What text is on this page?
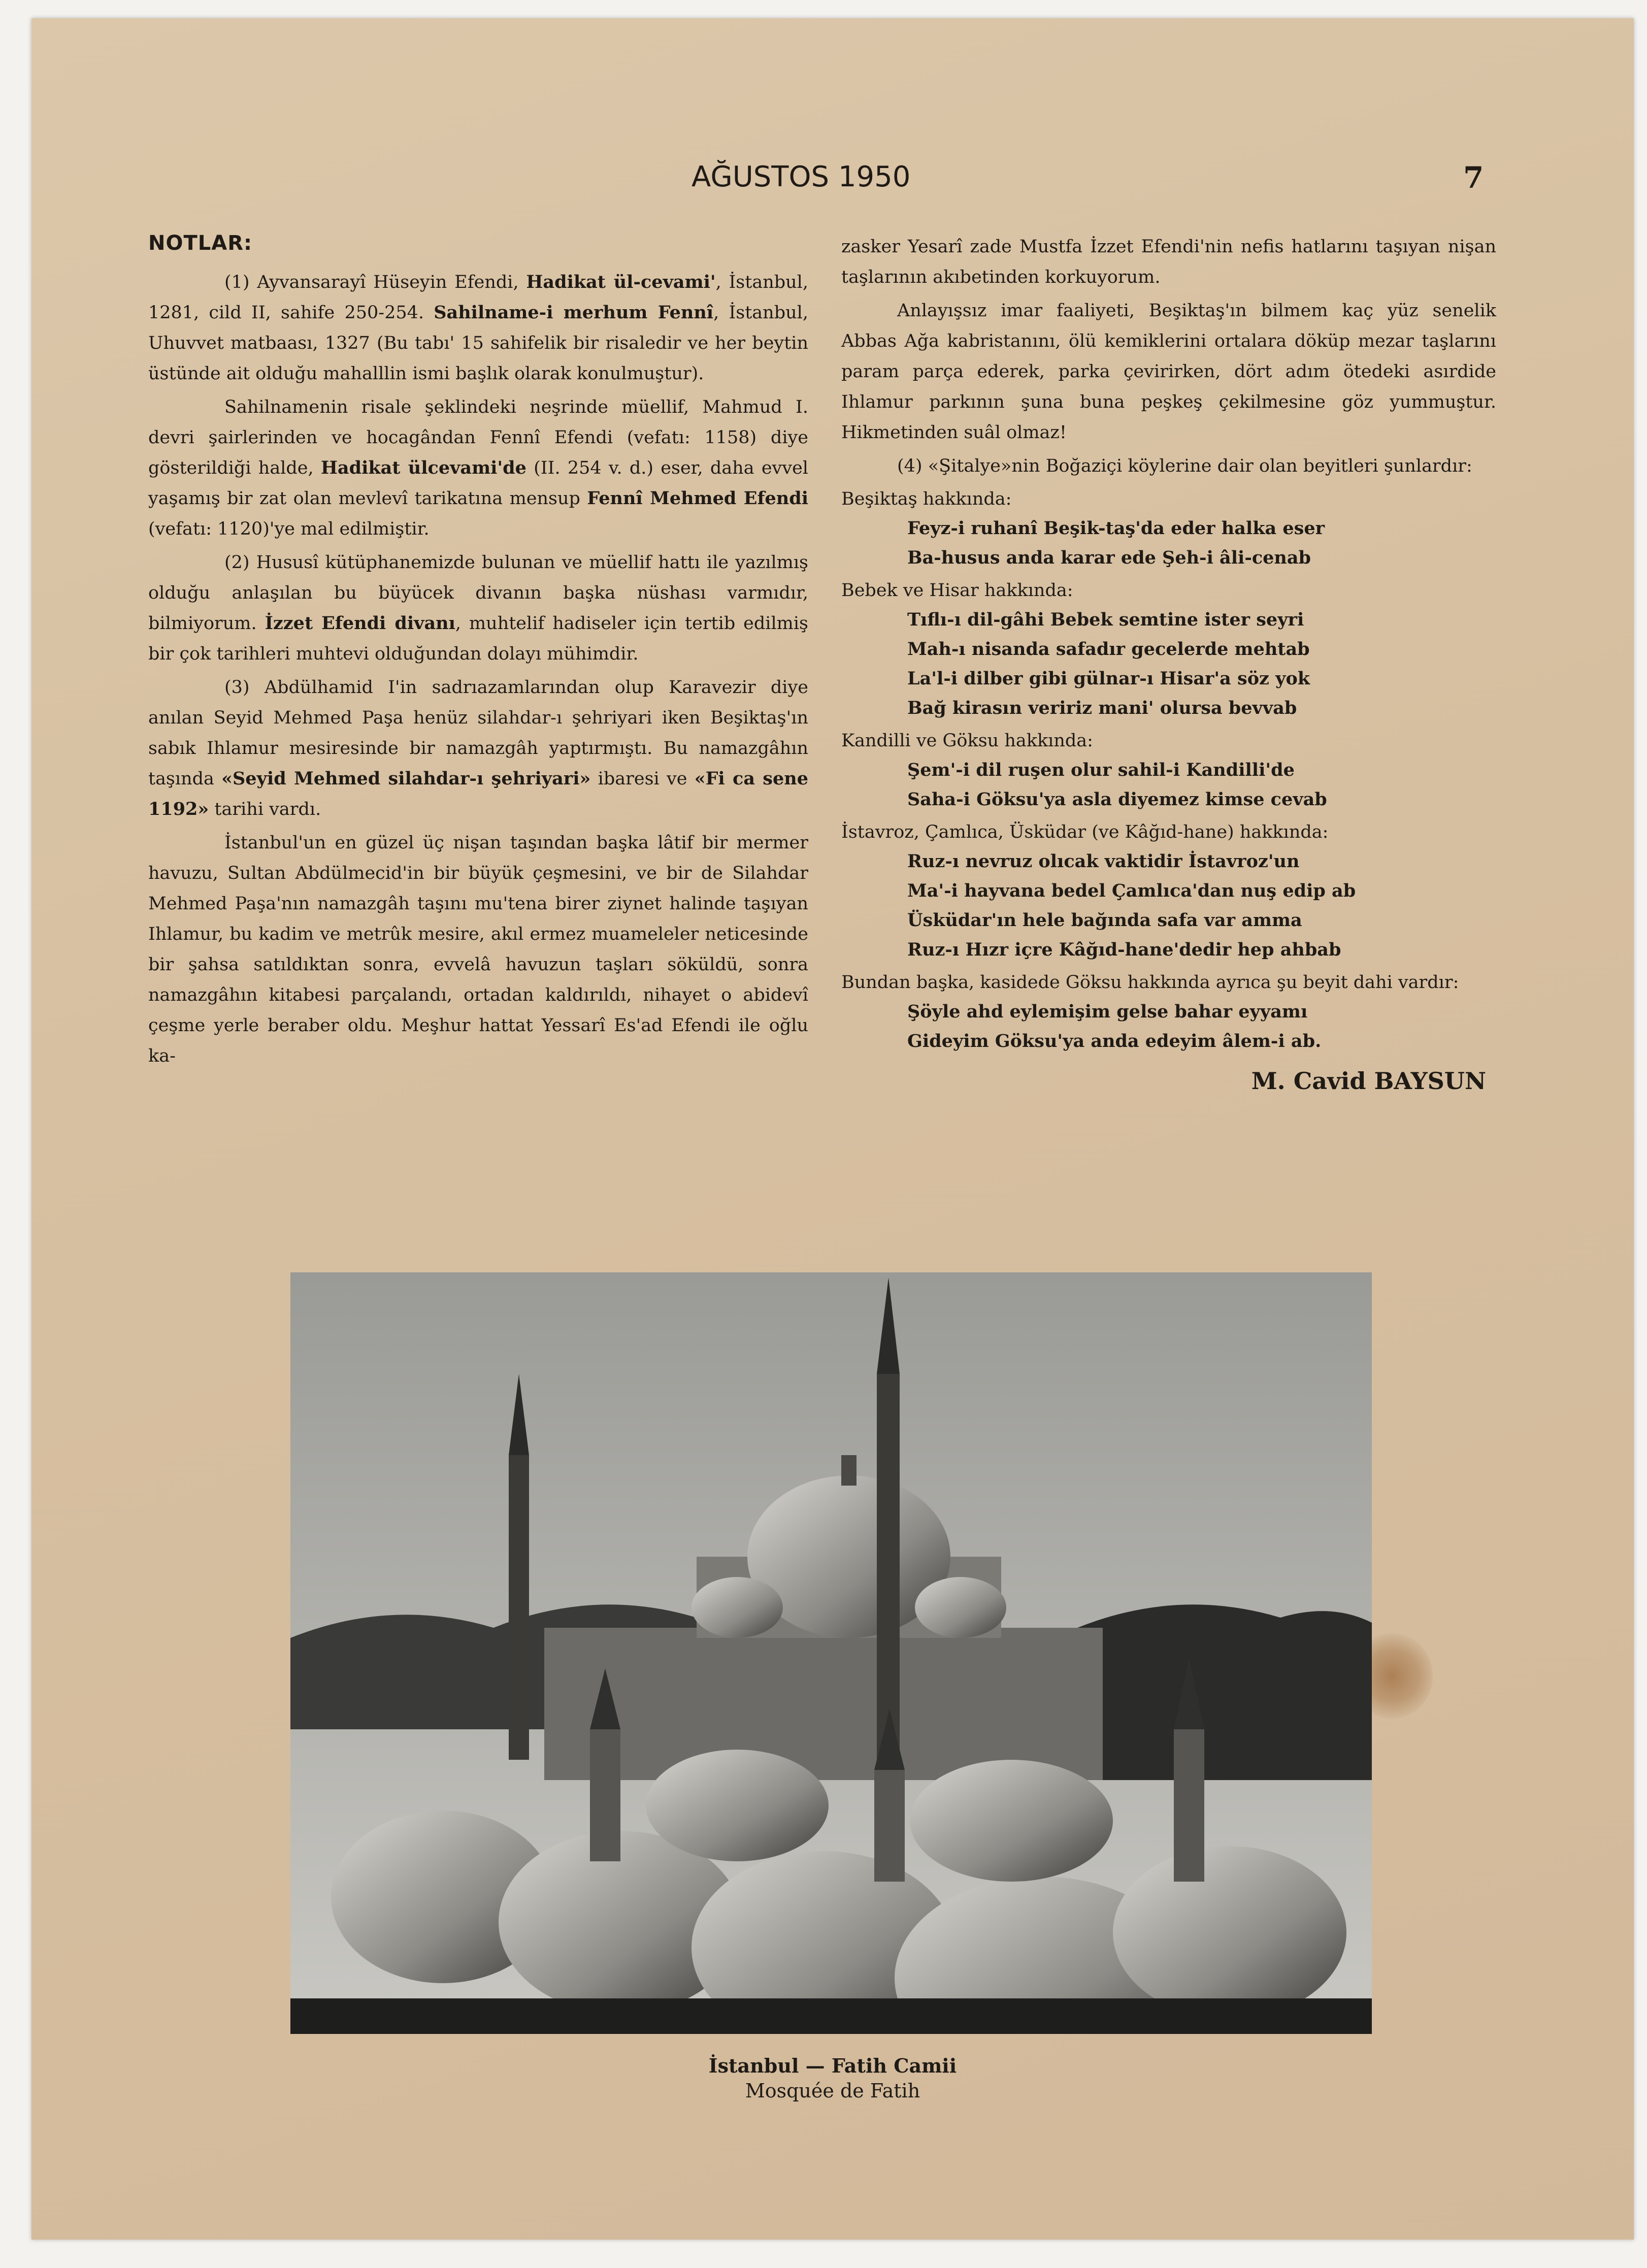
AĞUSTOS 1950	7
NOTLAR:

(1) Ayvansarayî Hüseyin Efendi, Hadikat ül-cevami', İstanbul, 1281, cild II, sahife 250-254. Sahilname-i merhum Fennî, İstanbul, Uhuvvet matbaası, 1327 (Bu tabı' 15 sahifelik bir risaledir ve her beytin üstünde ait olduğu mahalllin ismi başlık olarak konulmuştur).

Sahilnamenin risale şeklindeki neşrinde müellif, Mahmud I. devri şairlerinden ve hocagândan Fennî Efendi (vefatı: 1158) diye gösterildiği halde, Hadikat ülcevami'de (II. 254 v. d.) eser, daha evvel yaşamış bir zat olan mevlevî tarikatına mensup Fennî Mehmed Efendi (vefatı: 1120)'ye mal edilmiştir.

(2) Hususî kütüphanemizde bulunan ve müellif hattı ile yazılmış olduğu anlaşılan bu büyücek divanın başka nüshası varmıdır, bilmiyorum. İzzet Efendi divanı, muhtelif hadiseler için tertib edilmiş bir çok tarihleri muhtevi olduğundan dolayı mühimdir.

(3) Abdülhamid I'in sadrıazamlarından olup Karavezir diye anılan Seyid Mehmed Paşa henüz silahdar-ı şehriyari iken Beşiktaş'ın sabık Ihlamur mesiresinde bir namazgâh yaptırmıştı. Bu namazgâhın taşında «Seyid Mehmed silahdar-ı şehriyari» ibaresi ve «Fi ca sene 1192» tarihi vardı.

İstanbul'un en güzel üç nişan taşından başka lâtif bir mermer havuzu, Sultan Abdülmecid'in bir büyük çeşmesini, ve bir de Silahdar Mehmed Paşa'nın namazgâh taşını mu'tena birer ziynet halinde taşıyan Ihlamur, bu kadim ve metrûk mesire, akıl ermez muameleler neticesinde bir şahsa satıldıktan sonra, evvelâ havuzun taşları söküldü, sonra namazgâhın kitabesi parçalandı, ortadan kaldırıldı, nihayet o abidevî çeşme yerle beraber oldu. Meşhur hattat Yessarî Es'ad Efendi ile oğlu ka-

zasker Yesarî zade Mustfa İzzet Efendi'nin nefis hatlarını taşıyan nişan taşlarının akıbetinden korkuyorum.

Anlayışsız imar faaliyeti, Beşiktaş'ın bilmem kaç yüz senelik Abbas Ağa kabristanını, ölü kemiklerini ortalara döküp mezar taşlarını param parça ederek, parka çevirirken, dört adım ötedeki asırdide Ihlamur parkının şuna buna peşkeş çekilmesine göz yummuştur. Hikmetinden suâl olmaz!

(4) «Şitalye»nin Boğaziçi köylerine dair olan beyitleri şunlardır:

Beşiktaş hakkında:
Feyz-i ruhanî Beşik-taş'da eder halka eser
Ba-husus anda karar ede Şeh-i âli-cenab
Bebek ve Hisar hakkında:
Tıflı-ı dil-gâhi Bebek semtine ister seyri
Mah-ı nisanda safadır gecelerde mehtab
La'l-i dilber gibi gülnar-ı Hisar'a söz yok
Bağ kirasın veririz mani' olursa bevvab
Kandilli ve Göksu hakkında:
Şem'-i dil ruşen olur sahil-i Kandilli'de
Saha-i Göksu'ya asla diyemez kimse cevab
İstavroz, Çamlıca, Üsküdar (ve Kâğıd-hane) hakkında:
Ruz-ı nevruz olıcak vaktidir İstavroz'un
Ma'-i hayvana bedel Çamlıca'dan nuş edip ab
Üsküdar'ın hele bağında safa var amma
Ruz-ı Hızr içre Kâğıd-hane'dedir hep ahbab
Bundan başka, kasidede Göksu hakkında ayrıca şu beyit dahi vardır:
Şöyle ahd eylemişim gelse bahar eyyamı
Gideyim Göksu'ya anda edeyim âlem-i ab.
M. Cavid BAYSUN
İstanbul — Fatih Camii
Mosquée de Fatih
